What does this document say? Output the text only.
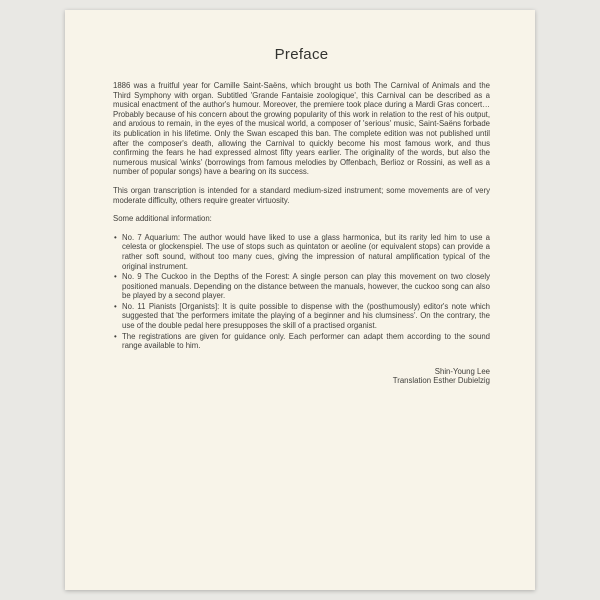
Preface

1886 was a fruitful year for Camille Saint-Saëns, which brought us both The Carnival of Animals and the Third Symphony with organ. Subtitled 'Grande Fantaisie zoologique', this Carnival can be described as a musical enactment of the author's humour. Moreover, the premiere took place during a Mardi Gras concert… Probably because of his concern about the growing popularity of this work in relation to the rest of his output, and anxious to remain, in the eyes of the musical world, a composer of 'serious' music, Saint-Saëns forbade its publication in his lifetime. Only the Swan escaped this ban. The complete edition was not published until after the composer's death, allowing the Carnival to quickly become his most famous work, and thus confirming the fears he had expressed almost fifty years earlier. The originality of the words, but also the numerous musical 'winks' (borrowings from famous melodies by Offenbach, Berlioz or Rossini, as well as a number of popular songs) have a bearing on its success.

This organ transcription is intended for a standard medium-sized instrument; some movements are of very moderate difficulty, others require greater virtuosity.

Some additional information:

• No. 7 Aquarium: The author would have liked to use a glass harmonica, but its rarity led him to use a celesta or glockenspiel. The use of stops such as quintaton or aeoline (or equivalent stops) can provide a rather soft sound, without too many cues, giving the impression of natural amplification typical of the original instrument.
• No. 9 The Cuckoo in the Depths of the Forest: A single person can play this movement on two closely positioned manuals. Depending on the distance between the manuals, however, the cuckoo song can also be played by a second player.
• No. 11 Pianists [Organists]: It is quite possible to dispense with the (posthumously) editor's note which suggested that 'the performers imitate the playing of a beginner and his clumsiness'. On the contrary, the use of the double pedal here presupposes the skill of a practised organist.
• The registrations are given for guidance only. Each performer can adapt them according to the sound range available to him.
Shin-Young Lee
Translation Esther Dubielzig
